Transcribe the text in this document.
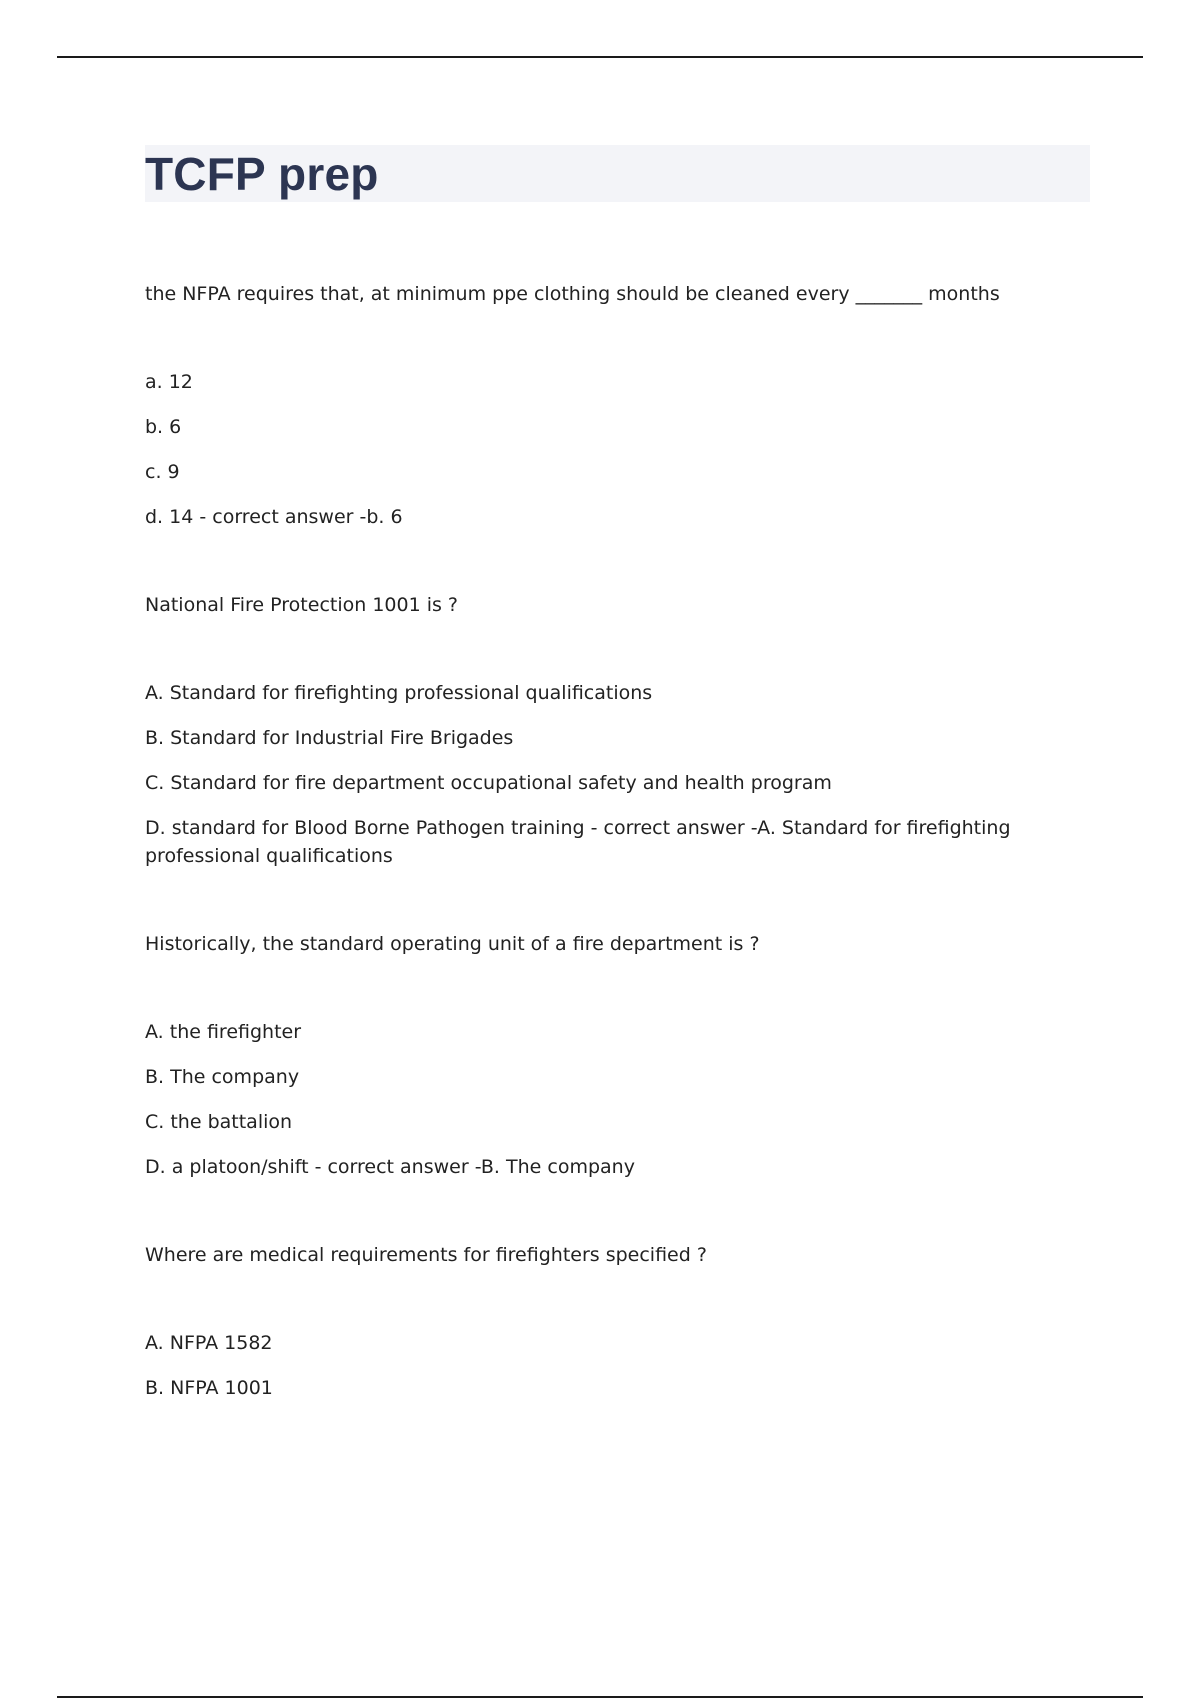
TCFP prep

the NFPA requires that, at minimum ppe clothing should be cleaned every _______ months

a. 12

b. 6

c. 9

d. 14 - correct answer -b. 6

National Fire Protection 1001 is ?

A. Standard for firefighting professional qualifications

B. Standard for Industrial Fire Brigades

C. Standard for fire department occupational safety and health program

D. standard for Blood Borne Pathogen training - correct answer -A. Standard for firefighting professional qualifications

Historically, the standard operating unit of a fire department is ?

A. the firefighter

B. The company

C. the battalion

D. a platoon/shift - correct answer -B. The company

Where are medical requirements for firefighters specified ?

A. NFPA 1582

B. NFPA 1001
